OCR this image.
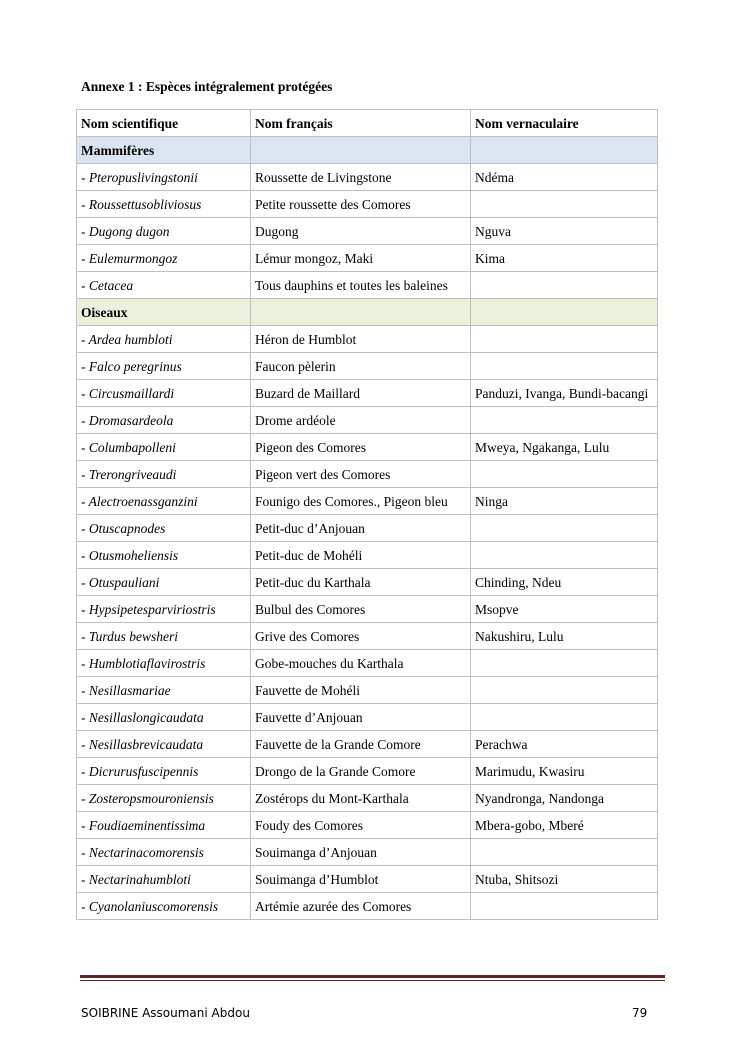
Annexe 1 : Espèces intégralement protégées
Nom scientifique	Nom français	Nom vernaculaire
Mammifères		
- Pteropuslivingstonii	Roussette de Livingstone	Ndéma
- Roussettusobliviosus	Petite roussette des Comores	
- Dugong dugon	Dugong	Nguva
- Eulemurmongoz	Lémur mongoz, Maki	Kima
- Cetacea	Tous dauphins et toutes les baleines	
Oiseaux		
- Ardea humbloti	Héron de Humblot	
- Falco peregrinus	Faucon pèlerin	
- Circusmaillardi	Buzard de Maillard	Panduzi, Ivanga, Bundi-bacangi
- Dromasardeola	Drome ardéole	
- Columbapolleni	Pigeon des Comores	Mweya, Ngakanga, Lulu
- Trerongriveaudi	Pigeon vert des Comores	
- Alectroenassganzini	Founigo des Comores., Pigeon bleu	Ninga
- Otuscapnodes	Petit-duc d’Anjouan	
- Otusmoheliensis	Petit-duc de Mohéli	
- Otuspauliani	Petit-duc du Karthala	Chinding, Ndeu
- Hypsipetesparviriostris	Bulbul des Comores	Msopve
- Turdus bewsheri	Grive des Comores	Nakushiru, Lulu
- Humblotiaflavirostris	Gobe-mouches du Karthala	
- Nesillasmariae	Fauvette de Mohéli	
- Nesillaslongicaudata	Fauvette d’Anjouan	
- Nesillasbrevicaudata	Fauvette de la Grande Comore	Perachwa
- Dicrurusfuscipennis	Drongo de la Grande Comore	Marimudu, Kwasiru
- Zosteropsmouroniensis	Zostérops du Mont-Karthala	Nyandronga, Nandonga
- Foudiaeminentissima	Foudy des Comores	Mbera-gobo, Mberé
- Nectarinacomorensis	Souimanga d’Anjouan	
- Nectarinahumbloti	Souimanga d’Humblot	Ntuba, Shitsozi
- Cyanolaniuscomorensis	Artémie azurée des Comores	
SOIBRINE Assoumani Abdou	79
